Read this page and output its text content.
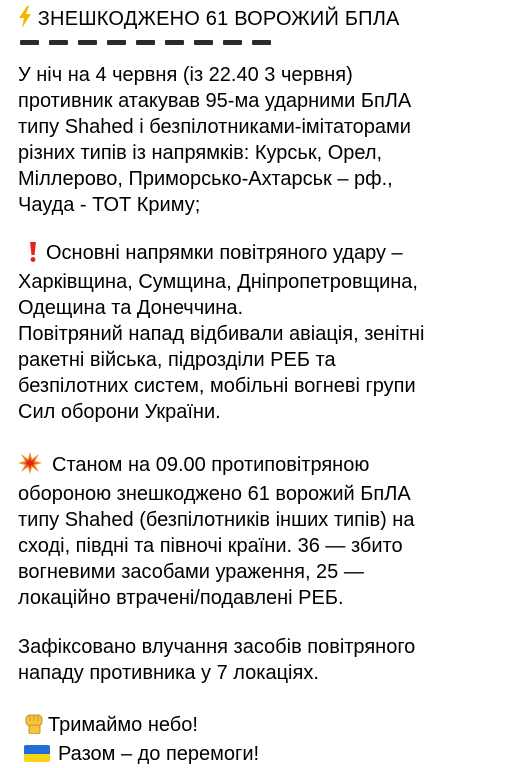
ЗНЕШКОДЖЕНО 61 ВОРОЖИЙ БПЛА
У ніч на 4 червня (із 22.40 3 червня)
противник атакував 95-ма ударними БпЛА
типу Shahed і безпілотниками-імітаторами
різних типів із напрямків: Курськ, Орел,
Міллерово, Приморсько-Ахтарськ – рф.,
Чауда - ТОТ Криму;
Основні напрямки повітряного удару –
Харківщина, Сумщина, Дніпропетровщина,
Одещина та Донеччина.
Повітряний напад відбивали авіація, зенітні
ракетні війська, підрозділи РЕБ та
безпілотних систем, мобільні вогневі групи
Сил оборони України.
Станом на 09.00 протиповітряною
обороною знешкоджено 61 ворожий БпЛА
типу Shahed (безпілотників інших типів) на
сході, півдні та півночі країни. 36 — збито
вогневими засобами ураження, 25 —
локаційно втрачені/подавлені РЕБ.
Зафіксовано влучання засобів повітряного
нападу противника у 7 локаціях.
Тримаймо небо!
Разом – до перемоги!
